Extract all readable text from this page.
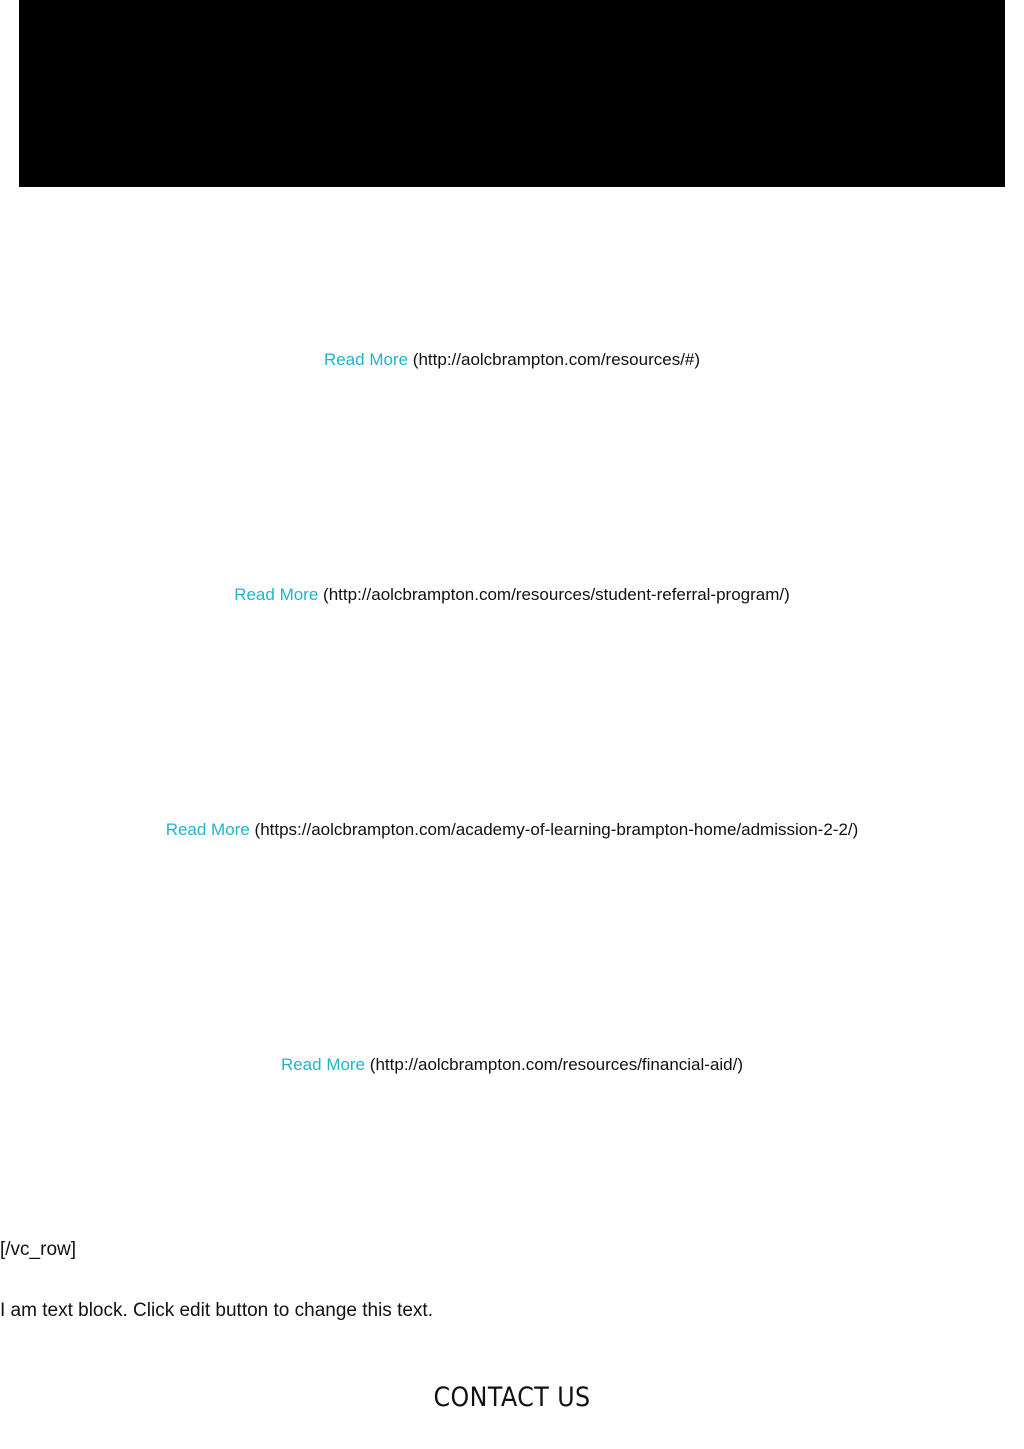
Read More (http://aolcbrampton.com/resources/#)
Read More (http://aolcbrampton.com/resources/student-referral-program/)
Read More (https://aolcbrampton.com/academy-of-learning-brampton-home/admission-2-2/)
Read More (http://aolcbrampton.com/resources/financial-aid/)
[/vc_row]
I am text block. Click edit button to change this text.
CONTACT US
